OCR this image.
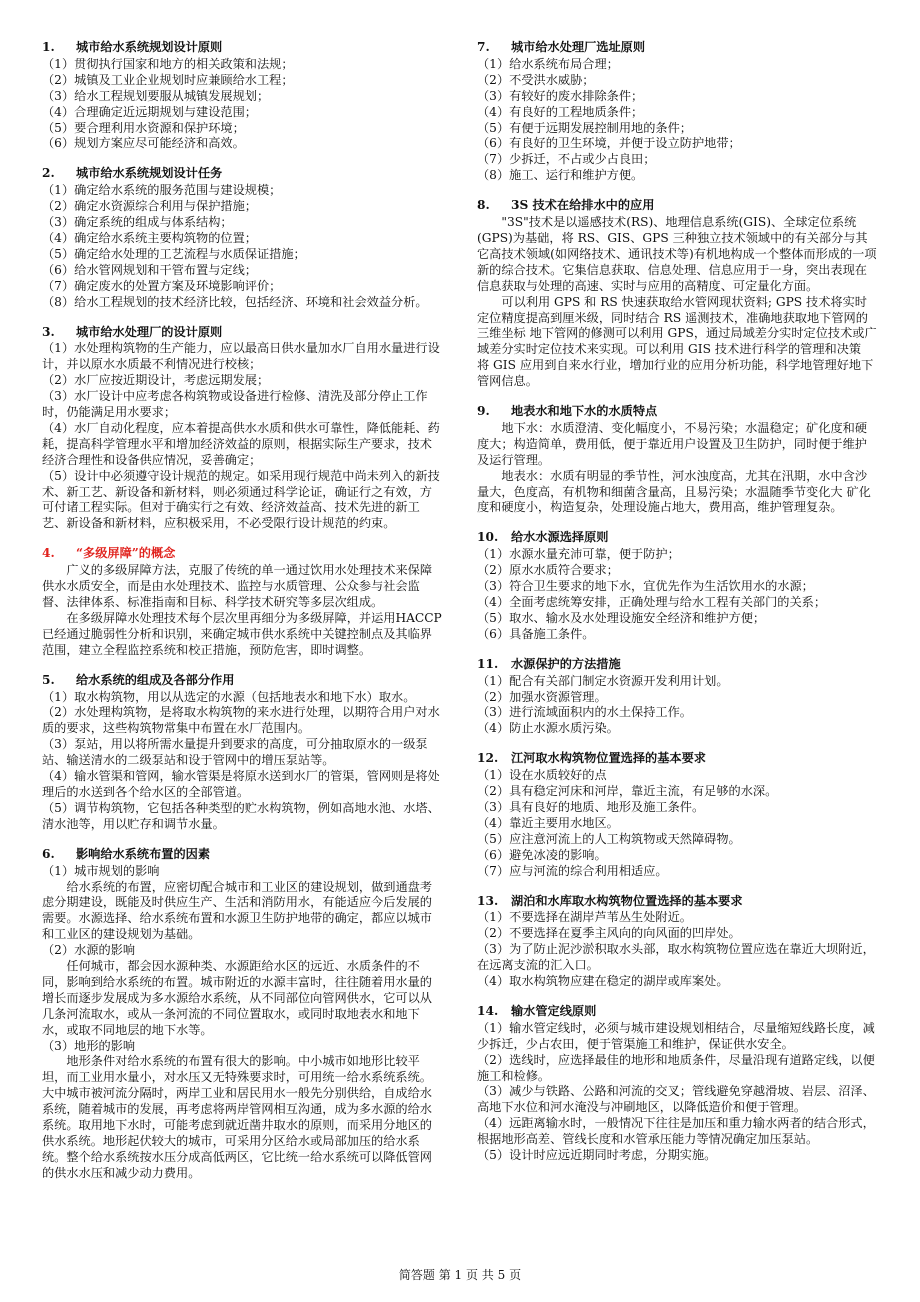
1. 城市给水系统规划设计原则
（1）贯彻执行国家和地方的相关政策和法规；
（2）城镇及工业企业规划时应兼顾给水工程；
（3）给水工程规划要服从城镇发展规划；
（4）合理确定近远期规划与建设范围；
（5）要合理利用水资源和保护环境；
（6）规划方案应尽可能经济和高效。
2. 城市给水系统规划设计任务
（1）确定给水系统的服务范围与建设规模；
（2）确定水资源综合利用与保护措施；
（3）确定系统的组成与体系结构；
（4）确定给水系统主要构筑物的位置；
（5）确定给水处理的工艺流程与水质保证措施；
（6）给水管网规划和干管布置与定线；
（7）确定废水的处置方案及环境影响评价；
（8）给水工程规划的技术经济比较，包括经济、环境和社会效益分析。
3. 城市给水处理厂的设计原则
（1）水处理构筑物的生产能力，应以最高日供水量加水厂自用水量进行设计，并以原水水质最不利情况进行校核；
（2）水厂应按近期设计，考虑远期发展；
（3）水厂设计中应考虑各构筑物或设备进行检修、清洗及部分停止工作时，仍能满足用水要求；
（4）水厂自动化程度，应本着提高供水水质和供水可靠性，降低能耗、药耗，提高科学管理水平和增加经济效益的原则，根据实际生产要求，技术经济合理性和设备供应情况，妥善确定；
（5）设计中必须遵守设计规范的规定。如采用现行规范中尚未列入的新技术、新工艺、新设备和新材料，则必须通过科学论证，确证行之有效，方可付诸工程实际。但对于确实行之有效、经济效益高、技术先进的新工艺、新设备和新材料，应积极采用，不必受限行设计规范的约束。
4. “多级屏障”的概念
广义的多级屏障方法，克服了传统的单一通过饮用水处理技术来保障供水水质安全，而是由水处理技术、监控与水质管理、公众参与社会监督、法律体系、标准指南和目标、科学技术研究等多层次组成。
在多级屏障水处理技术每个层次里再细分为多级屏障，并运用HACCP已经通过脆弱性分析和识别，来确定城市供水系统中关键控制点及其临界范围，建立全程监控系统和校正措施，预防危害，即时调整。
5. 给水系统的组成及各部分作用
（1）取水构筑物，用以从选定的水源（包括地表水和地下水）取水。
（2）水处理构筑物，是将取水构筑物的来水进行处理，以期符合用户对水质的要求，这些构筑物常集中布置在水厂范围内。
（3）泵站，用以将所需水量提升到要求的高度，可分抽取原水的一级泵站、输送清水的二级泵站和设于管网中的增压泵站等。
（4）输水管渠和管网，输水管渠是将原水送到水厂的管渠，管网则是将处理后的水送到各个给水区的全部管道。
（5）调节构筑物，它包括各种类型的贮水构筑物，例如高地水池、水塔、清水池等，用以贮存和调节水量。
6. 影响给水系统布置的因素
（1）城市规划的影响
给水系统的布置，应密切配合城市和工业区的建设规划，做到通盘考虑分期建设，既能及时供应生产、生活和消防用水，有能适应今后发展的需要。水源选择、给水系统布置和水源卫生防护地带的确定，都应以城市和工业区的建设规划为基础。
（2）水源的影响
任何城市，都会因水源种类、水源距给水区的远近、水质条件的不同，影响到给水系统的布置。城市附近的水源丰富时，往往随着用水量的增长而逐步发展成为多水源给水系统，从不同部位向管网供水，它可以从几条河流取水，或从一条河流的不同位置取水，或同时取地表水和地下水，或取不同地层的地下水等。
（3）地形的影响
地形条件对给水系统的布置有很大的影响。中小城市如地形比较平坦，而工业用水量小，对水压又无特殊要求时，可用统一给水系统系统。大中城市被河流分隔时，两岸工业和居民用水一般先分别供给，自成给水系统，随着城市的发展，再考虑将两岸管网相互沟通，成为多水源的给水系统。取用地下水时，可能考虑到就近凿井取水的原则，而采用分地区的供水系统。地形起伏较大的城市，可采用分区给水或局部加压的给水系统。整个给水系统按水压分成高低两区，它比统一给水系统可以降低管网的供水水压和减少动力费用。
7. 城市给水处理厂选址原则
（1）给水系统布局合理；
（2）不受洪水威胁；
（3）有较好的废水排除条件；
（4）有良好的工程地质条件；
（5）有便于远期发展控制用地的条件；
（6）有良好的卫生环境，并便于设立防护地带；
（7）少拆迁，不占或少占良田；
（8）施工、运行和维护方便。
8. 3S 技术在给排水中的应用
"3S"技术是以遥感技术(RS)、地理信息系统(GIS)、全球定位系统(GPS)为基础，将 RS、GIS、GPS 三种独立技术领域中的有关部分与其它高技术领域(如网络技术、通讯技术等)有机地构成一个整体而形成的一项新的综合技术。它集信息获取、信息处理、信息应用于一身，突出表现在信息获取与处理的高速、实时与应用的高精度、可定量化方面。
可以利用 GPS 和 RS 快速获取给水管网现状资料; GPS 技术将实时定位精度提高到厘米级，同时结合 RS 遥测技术，准确地获取地下管网的三维坐标 地下管网的修测可以利用 GPS，通过局域差分实时定位技术或广域差分实时定位技术来实现。可以利用 GIS 技术进行科学的管理和决策 将 GIS 应用到自来水行业，增加行业的应用分析功能，科学地管理好地下管网信息。
9. 地表水和地下水的水质特点
地下水：水质澄清、变化幅度小，不易污染；水温稳定；矿化度和硬度大；构造简单，费用低，便于靠近用户设置及卫生防护，同时便于维护及运行管理。
地表水：水质有明显的季节性，河水浊度高，尤其在汛期，水中含沙量大，色度高，有机物和细菌含量高，且易污染；水温随季节变化大 矿化度和硬度小，构造复杂，处理设施占地大，费用高，维护管理复杂。
10. 给水水源选择原则
（1）水源水量充沛可靠，便于防护；
（2）原水水质符合要求；
（3）符合卫生要求的地下水，宜优先作为生活饮用水的水源；
（4）全面考虑统筹安排，正确处理与给水工程有关部门的关系；
（5）取水、输水及水处理设施安全经济和维护方便；
（6）具备施工条件。
11. 水源保护的方法措施
（1）配合有关部门制定水资源开发利用计划。
（2）加强水资源管理。
（3）进行流域面积内的水土保持工作。
（4）防止水源水质污染。
12. 江河取水构筑物位置选择的基本要求
（1）设在水质较好的点
（2）具有稳定河床和河岸，靠近主流，有足够的水深。
（3）具有良好的地质、地形及施工条件。
（4）靠近主要用水地区。
（5）应注意河流上的人工构筑物或天然障碍物。
（6）避免冰凌的影响。
（7）应与河流的综合利用相适应。
13. 湖泊和水库取水构筑物位置选择的基本要求
（1）不要选择在湖岸芦苇丛生处附近。
（2）不要选择在夏季主风向的向风面的凹岸处。
（3）为了防止泥沙淤积取水头部，取水构筑物位置应选在靠近大坝附近，在远离支流的汇入口。
（4）取水构筑物应建在稳定的湖岸或库案处。
14. 输水管定线原则
（1）输水管定线时，必须与城市建设规划相结合，尽量缩短线路长度，减少拆迁，少占农田，便于管渠施工和维护，保证供水安全。
（2）选线时，应选择最佳的地形和地质条件，尽量沿现有道路定线，以便施工和检修。
（3）减少与铁路、公路和河流的交叉；管线避免穿越滑坡、岩层、沼泽、高地下水位和河水淹没与冲刷地区，以降低造价和便于管理。
（4）远距离输水时，一般情况下往往是加压和重力输水两者的结合形式，根据地形高差、管线长度和水管承压能力等情况确定加压泵站。
（5）设计时应远近期同时考虑，分期实施。
简答题 第 1 页 共 5 页
